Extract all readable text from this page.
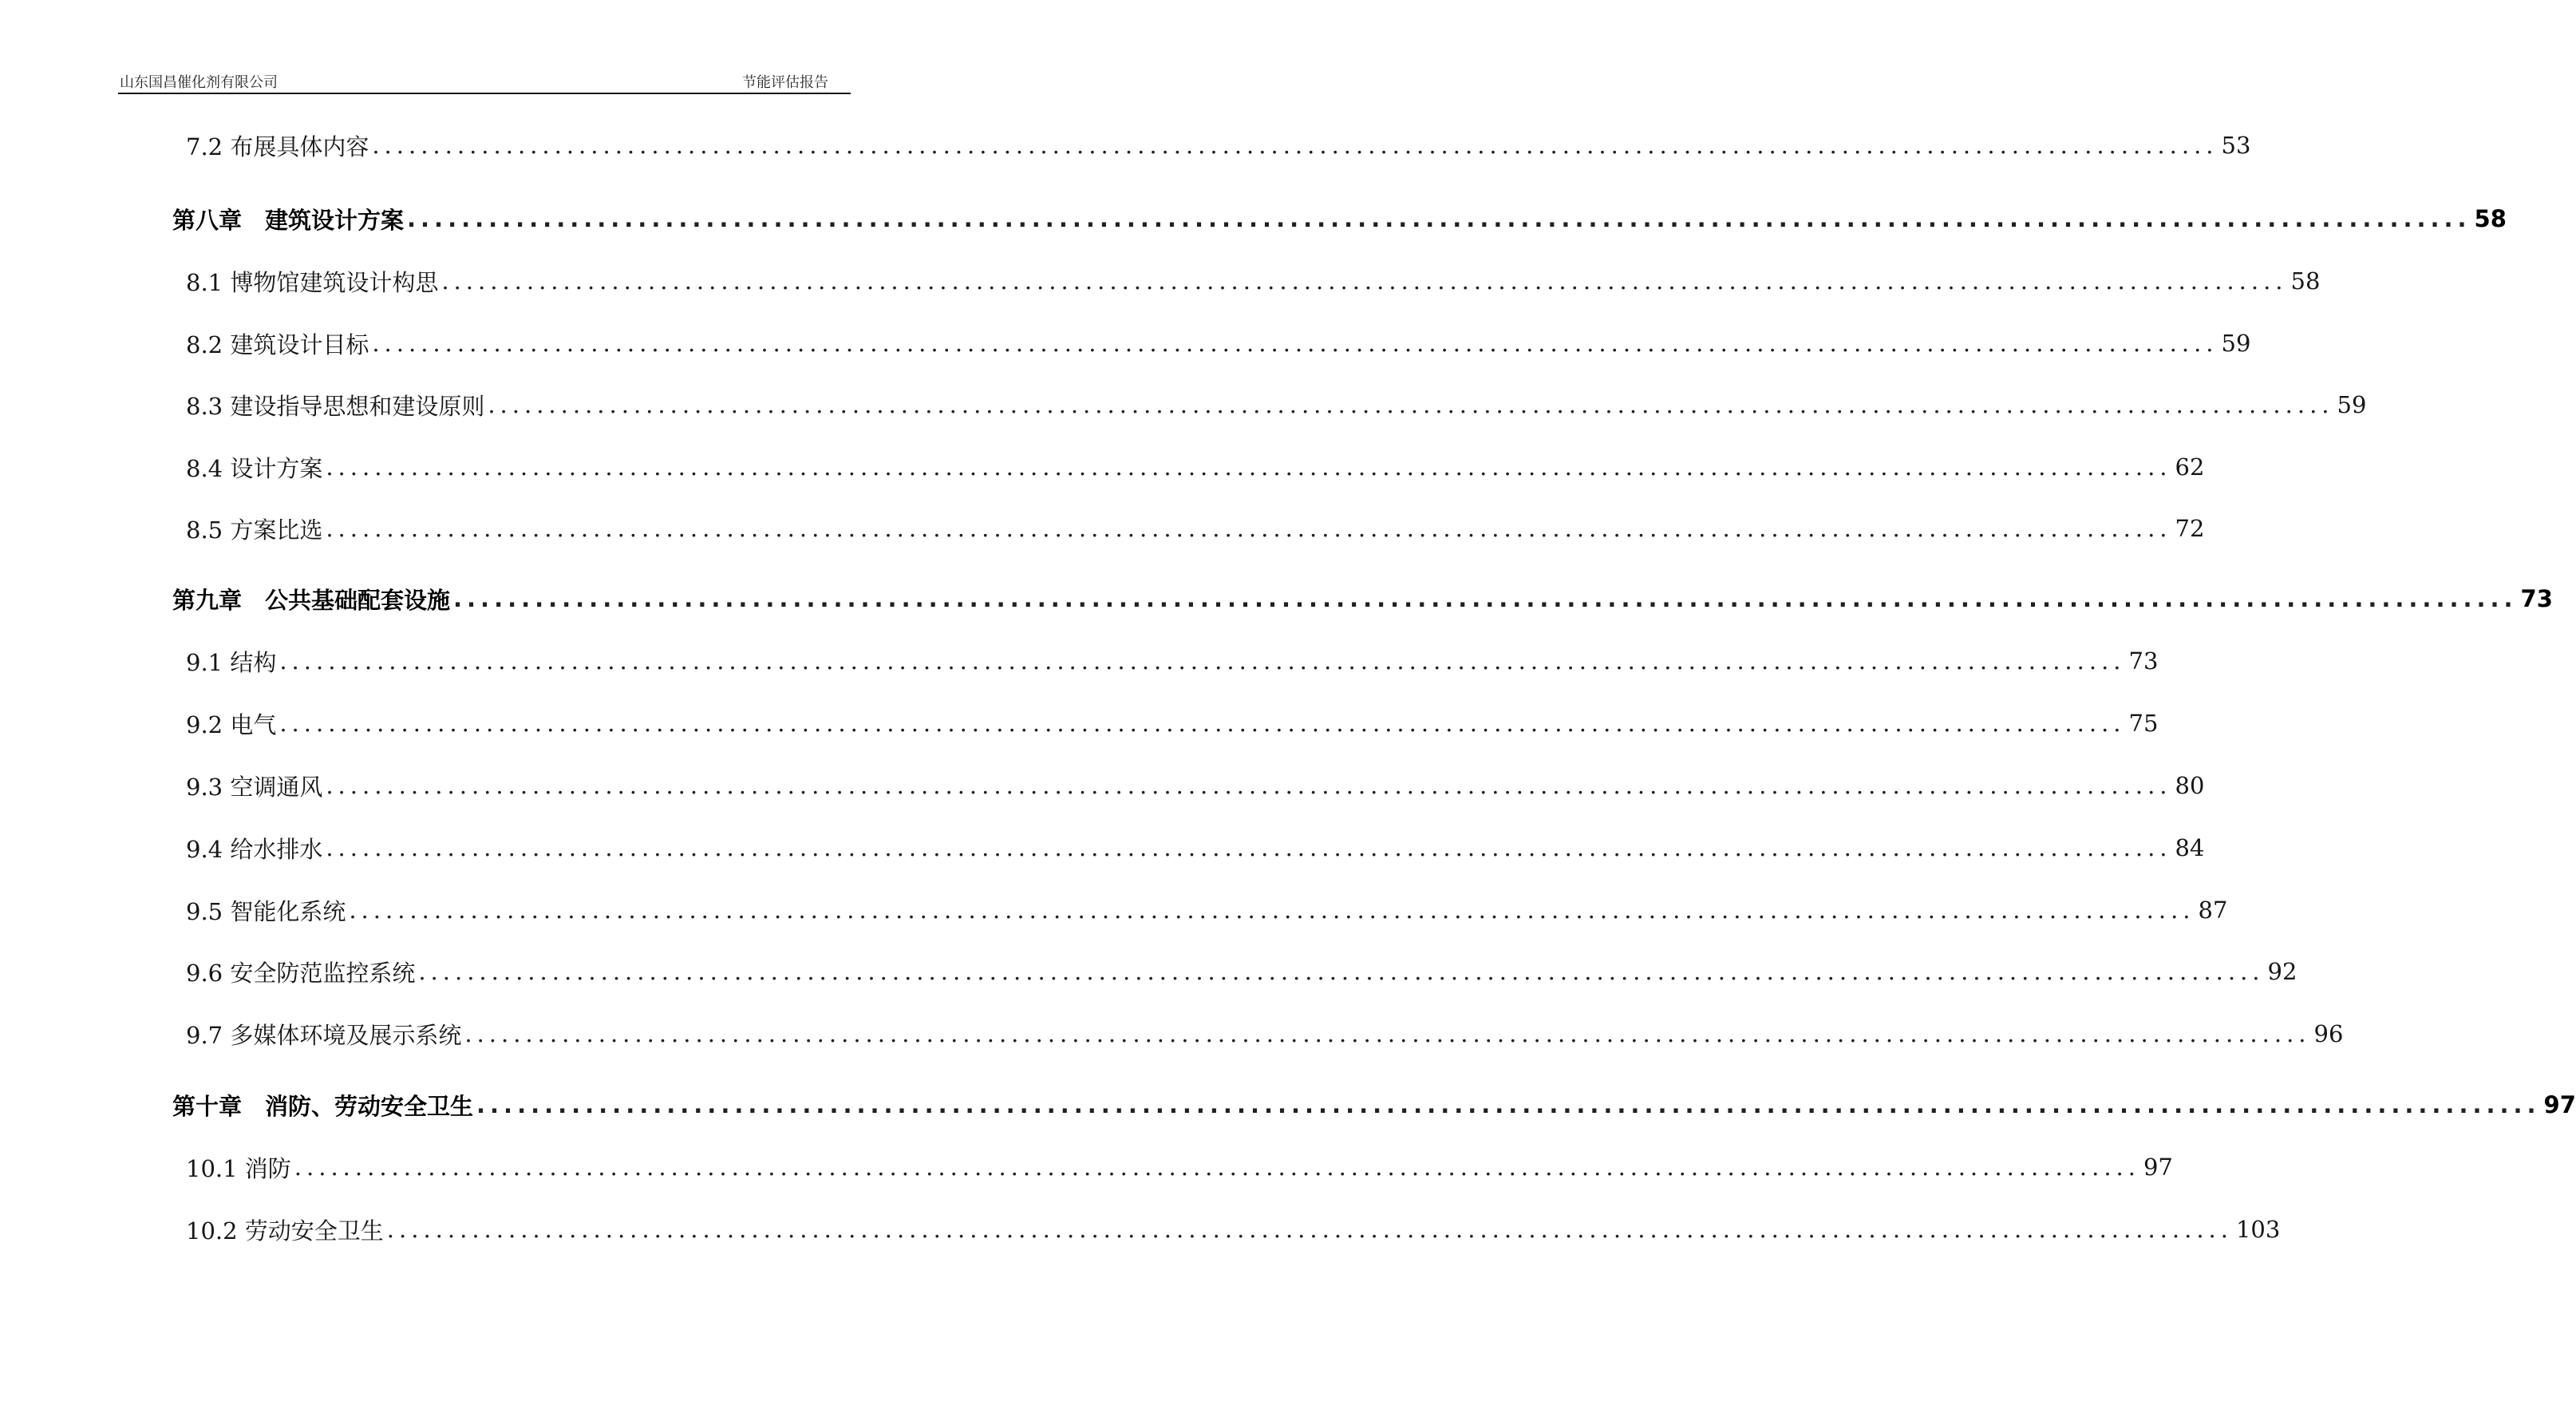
山东国昌催化剂有限公司	节能评估报告
7.2 布展具体内容 ........................................................................................................................................................ 53
第八章　建筑设计方案 ........................................................................................................................................................ 58
8.1 博物馆建筑设计构思 ........................................................................................................................................................ 58
8.2 建筑设计目标 ........................................................................................................................................................ 59
8.3 建设指导思想和建设原则 ........................................................................................................................................................ 59
8.4 设计方案 ........................................................................................................................................................ 62
8.5 方案比选 ........................................................................................................................................................ 72
第九章　公共基础配套设施 ........................................................................................................................................................ 73
9.1 结构 ........................................................................................................................................................ 73
9.2 电气 ........................................................................................................................................................ 75
9.3 空调通风 ........................................................................................................................................................ 80
9.4 给水排水 ........................................................................................................................................................ 84
9.5 智能化系统 ........................................................................................................................................................ 87
9.6 安全防范监控系统 ........................................................................................................................................................ 92
9.7 多媒体环境及展示系统 ........................................................................................................................................................ 96
第十章　消防、劳动安全卫生 ........................................................................................................................................................ 97
10.1 消防 ........................................................................................................................................................ 97
10.2 劳动安全卫生 ........................................................................................................................................................ 103
